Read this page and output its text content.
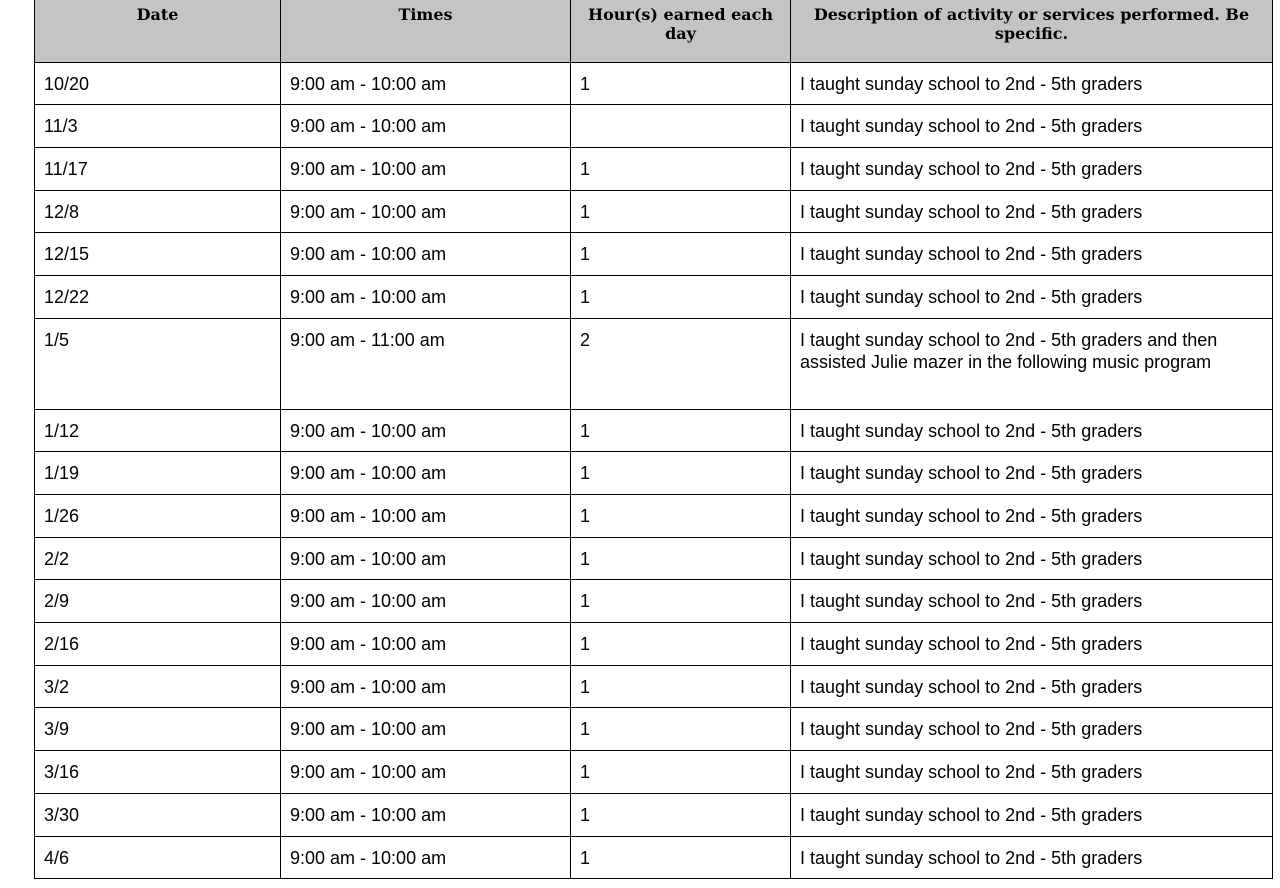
Date	Times	Hour(s) earned each day	Description of activity or services performed. Be specific.
10/20	9:00 am - 10:00 am	1	I taught sunday school to 2nd - 5th graders
11/3	9:00 am - 10:00 am		I taught sunday school to 2nd - 5th graders
11/17	9:00 am - 10:00 am	1	I taught sunday school to 2nd - 5th graders
12/8	9:00 am - 10:00 am	1	I taught sunday school to 2nd - 5th graders
12/15	9:00 am - 10:00 am	1	I taught sunday school to 2nd - 5th graders
12/22	9:00 am - 10:00 am	1	I taught sunday school to 2nd - 5th graders
1/5	9:00 am - 11:00 am	2	I taught sunday school to 2nd - 5th graders and then assisted Julie mazer in the following music program
1/12	9:00 am - 10:00 am	1	I taught sunday school to 2nd - 5th graders
1/19	9:00 am - 10:00 am	1	I taught sunday school to 2nd - 5th graders
1/26	9:00 am - 10:00 am	1	I taught sunday school to 2nd - 5th graders
2/2	9:00 am - 10:00 am	1	I taught sunday school to 2nd - 5th graders
2/9	9:00 am - 10:00 am	1	I taught sunday school to 2nd - 5th graders
2/16	9:00 am - 10:00 am	1	I taught sunday school to 2nd - 5th graders
3/2	9:00 am - 10:00 am	1	I taught sunday school to 2nd - 5th graders
3/9	9:00 am - 10:00 am	1	I taught sunday school to 2nd - 5th graders
3/16	9:00 am - 10:00 am	1	I taught sunday school to 2nd - 5th graders
3/30	9:00 am - 10:00 am	1	I taught sunday school to 2nd - 5th graders
4/6	9:00 am - 10:00 am	1	I taught sunday school to 2nd - 5th graders
